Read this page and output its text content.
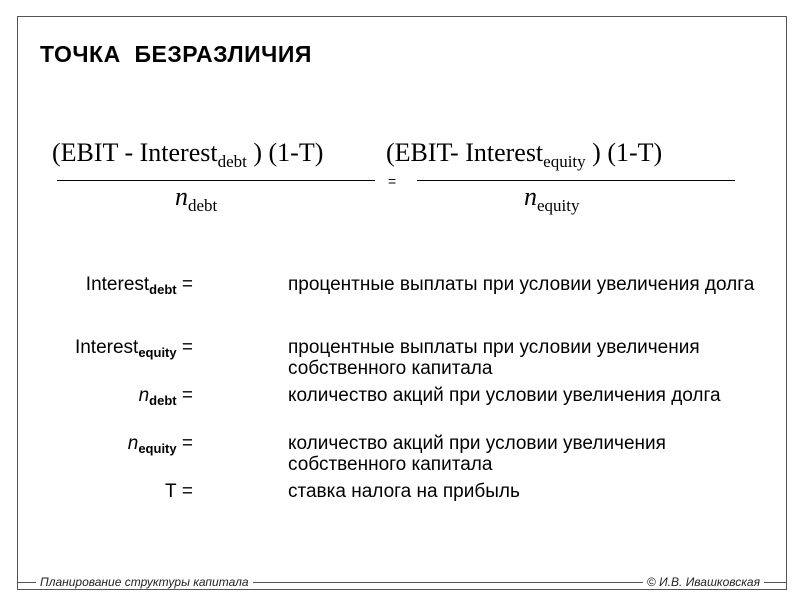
ТОЧКА  БЕЗРАЗЛИЧИЯ
(EBIT - Interest$_{debt}$ ) (1-T)
$n_{debt}$
=
(EBIT- Interest$_{equity}$ ) (1-T)
$n_{equity}$
Interest$_{debt}$ =	процентные выплаты при условии увеличения долга
Interest$_{equity}$ =	процентные выплаты при условии увеличения собственного капитала
$n_{debt}$ =	количество акций при условии увеличения долга
$n_{equity}$ =	количество акций при условии увеличения собственного капитала
T =	ставка налога на прибыль
Планирование структуры капитала	© И.В. Ивашковская
